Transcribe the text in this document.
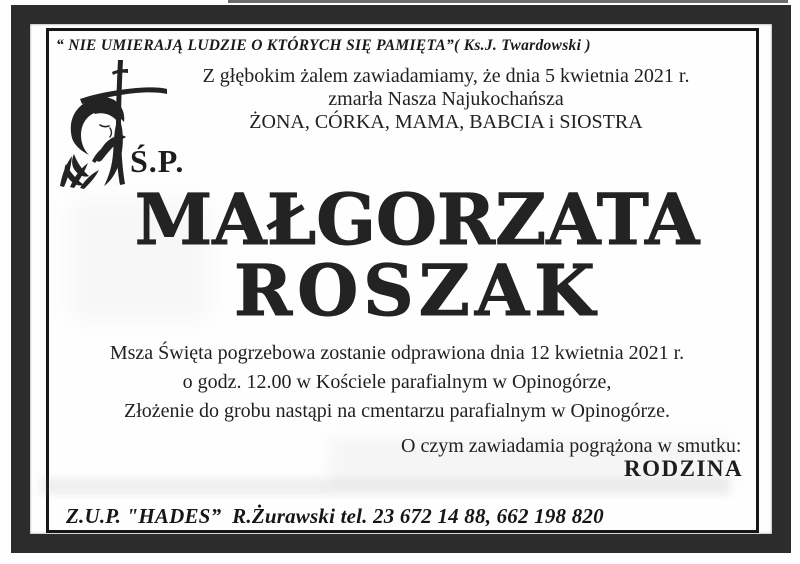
“ NIE UMIERAJĄ LUDZIE O KTÓRYCH SIĘ PAMIĘTA”( Ks.J. Twardowski )
Ś.P.
Z głębokim żalem zawiadamiamy, że dnia 5 kwietnia 2021 r.
zmarła Nasza Najukochańsza
ŻONA, CÓRKA, MAMA, BABCIA i SIOSTRA
MAŁGORZATA
ROSZAK
Msza Święta pogrzebowa zostanie odprawiona dnia 12 kwietnia 2021 r.
o godz. 12.00 w Kościele parafialnym w Opinogórze,
Złożenie do grobu nastąpi na cmentarzu parafialnym w Opinogórze.
O czym zawiadamia pogrążona w smutku:
RODZINA
Z.U.P. "HADES”  R.Żurawski tel. 23 672 14 88, 662 198 820
